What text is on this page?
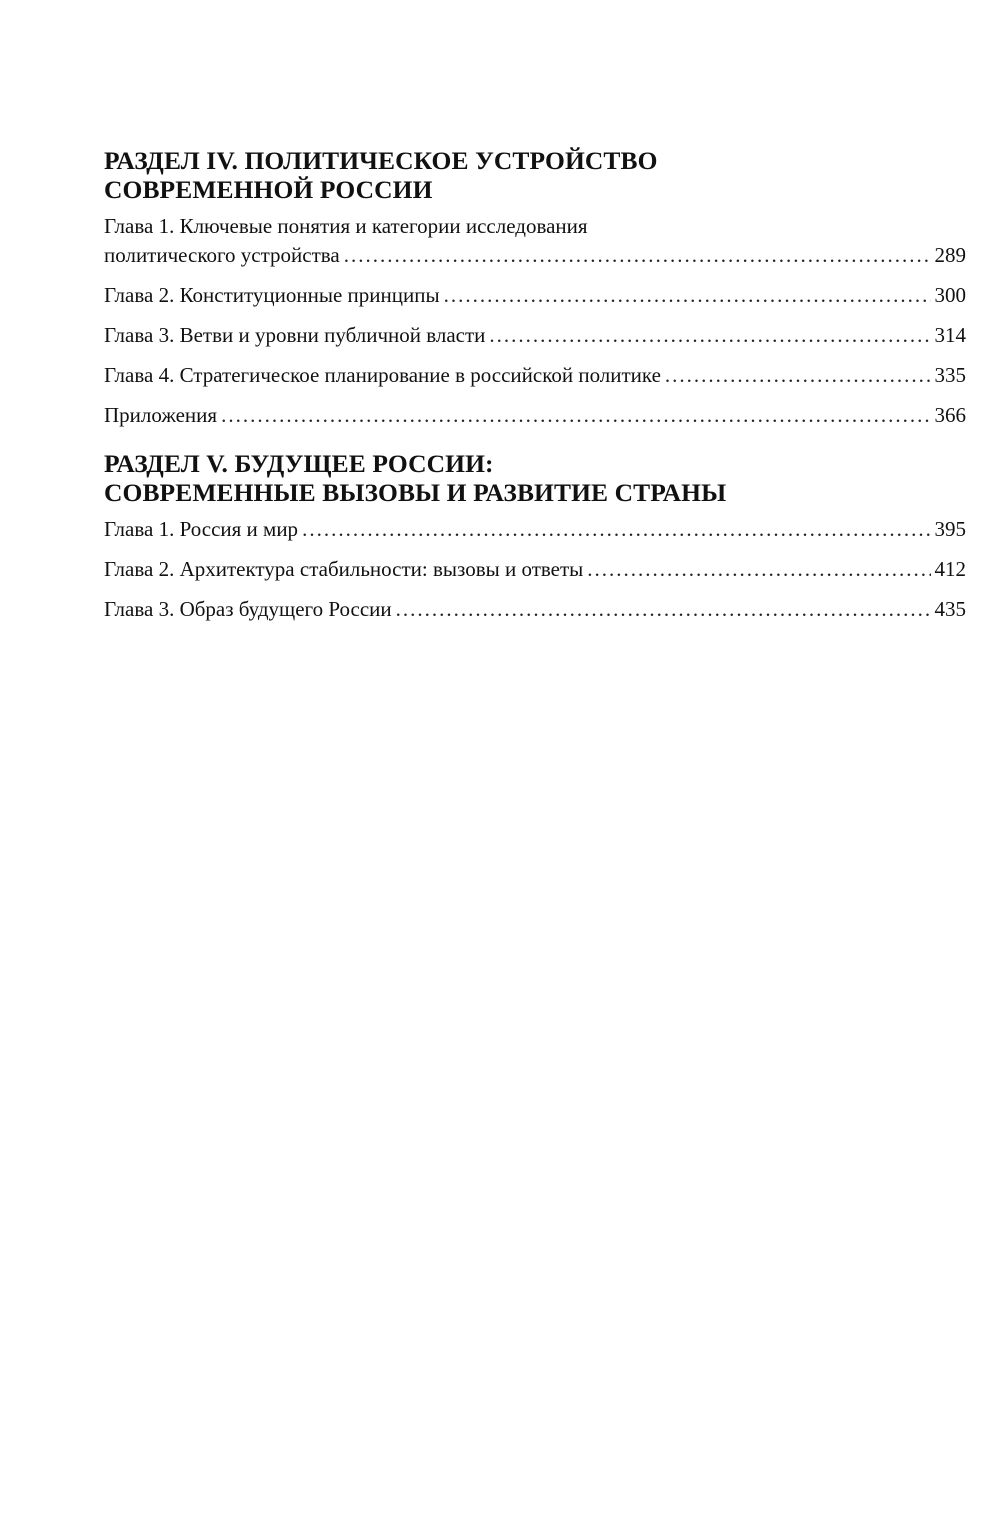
РАЗДЕЛ IV. ПОЛИТИЧЕСКОЕ УСТРОЙСТВО
СОВРЕМЕННОЙ РОССИИ
Глава 1. Ключевые понятия и категории исследования
политического устройства .....	289
Глава 2. Конституционные принципы .....	300
Глава 3. Ветви и уровни публичной власти .....	314
Глава 4. Стратегическое планирование в российской политике .....	335
Приложения .....	366
РАЗДЕЛ V. БУДУЩЕЕ РОССИИ:
СОВРЕМЕННЫЕ ВЫЗОВЫ И РАЗВИТИЕ СТРАНЫ
Глава 1. Россия и мир .....	395
Глава 2. Архитектура стабильности: вызовы и ответы .....	412
Глава 3. Образ будущего России .....	435
